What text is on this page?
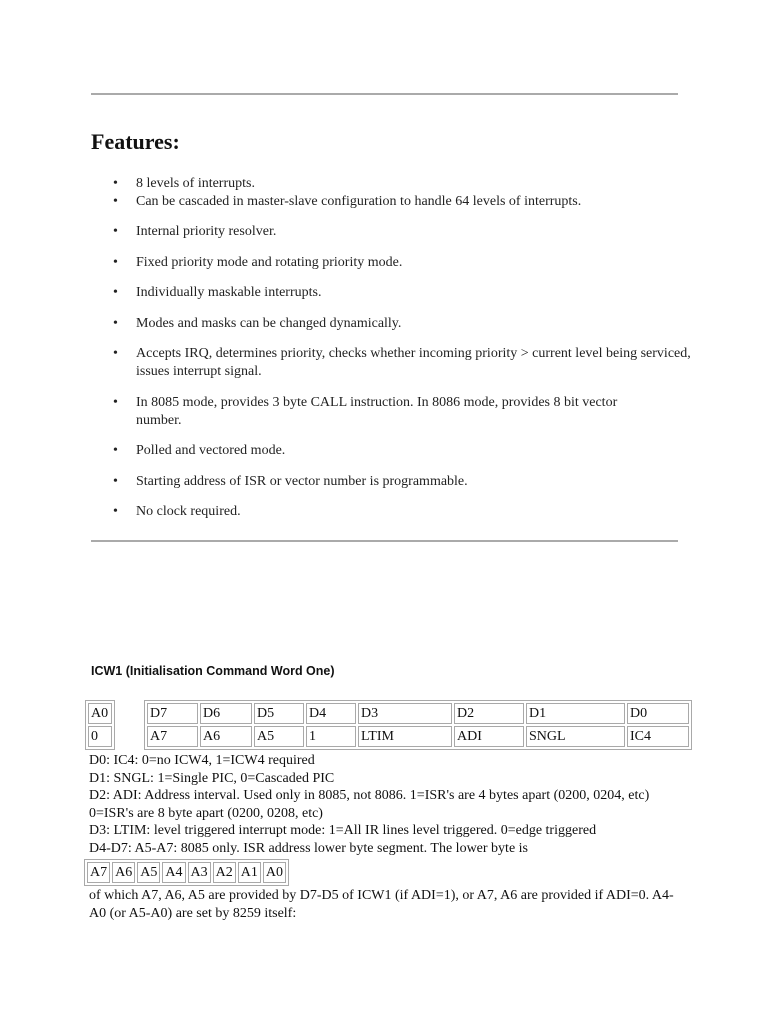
Features:
• 8 levels of interrupts.
• Can be cascaded in master-slave configuration to handle 64 levels of interrupts.
• Internal priority resolver.
• Fixed priority mode and rotating priority mode.
• Individually maskable interrupts.
• Modes and masks can be changed dynamically.
• Accepts IRQ, determines priority, checks whether incoming priority > current level being serviced, issues interrupt signal.
• In 8085 mode, provides 3 byte CALL instruction. In 8086 mode, provides 8 bit vector number.
• Polled and vectored mode.
• Starting address of ISR or vector number is programmable.
• No clock required.
ICW1 (Initialisation Command Word One)
A0
0
D7	D6	D5	D4	D3	D2	D1	D0
A7	A6	A5	1	LTIM	ADI	SNGL	IC4
D0: IC4: 0=no ICW4, 1=ICW4 required
D1: SNGL: 1=Single PIC, 0=Cascaded PIC
D2: ADI: Address interval. Used only in 8085, not 8086. 1=ISR's are 4 bytes apart (0200, 0204, etc) 0=ISR's are 8 byte apart (0200, 0208, etc)
D3: LTIM: level triggered interrupt mode: 1=All IR lines level triggered. 0=edge triggered
D4-D7: A5-A7: 8085 only. ISR address lower byte segment. The lower byte is
A7	A6	A5	A4	A3	A2	A1	A0
of which A7, A6, A5 are provided by D7-D5 of ICW1 (if ADI=1), or A7, A6 are provided if ADI=0. A4-A0 (or A5-A0) are set by 8259 itself:
